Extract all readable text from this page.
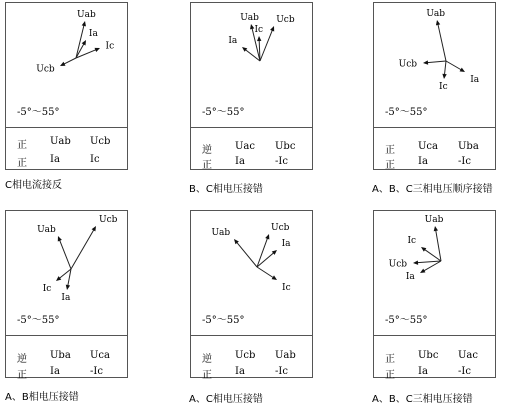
Uab
Ia
Ic
Ucb
-5°～55°
正 Uab Ucb
正 Ia	Ic
C相电流接反
Uab
Ic
Ucb
Ia
-5°～55°
逆 Uac Ubc
正 Ia	-Ic
B、C相电压接错
Uab
Ucb
Ia
Ic
-5°～55°
正 Uca Uba
正 Ia	-Ic
A、B、C三相电压顺序接错
Uab
Ucb
Ic
Ia
-5°～55°
逆 Uba Uca
正 Ia	-Ic
A、B相电压接错
Uab	Ucb
Ia
Ic
-5°～55°
逆 Ucb Uab
正 Ia	-Ic
A、C相电压接错
Uab
Ic
Ucb
Ia
-5°～55°
正 Ubc Uac
正 Ia	-Ic
A、B、C三相电压接错
